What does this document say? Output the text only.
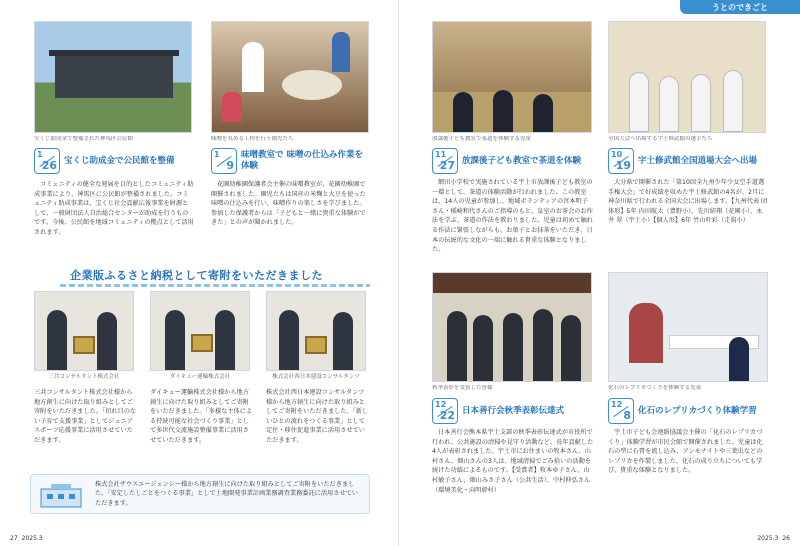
宝くじ助成金で整備された神馬区公民館	味噌を丸める工程を行う園児たち
1
26 宝くじ助成金で公民館を整備

コミュニティの健全な発展を目的としたコミュニティ助成事業により、神馬区に公民館が整備されました。コミュニティ助成事業は、宝くじ社会貢献広報事業を財源として、一般財団法人自治総合センターが助成を行うものです。今後、公民館を地域コミュニティの拠点として活用されます。

1
9
味噌教室で 味噌の仕込み作業を体験

花園幼稚園保護者会主催の味噌教室が、花園幼稚園で開催されました。園児たちは国産の米麹と大豆を使った味噌の仕込みを行い、味噌作りの楽しさを学びました。参加した保護者からは「子どもと一緒に貴重な体験ができた」との声が聞かれました。

企業版ふるさと納税として寄附をいただきました
三共コンサルタント株式会社	ダイキュー運輸株式会社	株式会社西日本建設コンサルタンツ
三共コンサルタント株式会社様から地方創生に向けた取り組みとしてご寄附をいただきました。「切れ目のない子育て支援事業」としてジュニアスポーツ応援事業に活用させていただきます。
ダイキュー運輸株式会社様から地方創生に向けた取り組みとしてご寄附をいただきました。「多様な主体による持続可能な社会づくり事業」として多世代交流施設整備事業に活用させていただきます。
株式会社西日本建設コンサルタンツ様から地方創生に向けた取り組みとしてご寄附をいただきました。「新しいひとの流れをつくる事業」として定住・移住促進事業に活用させていただきます。
株式会社サウスエージェンシー様から地方創生に向けた取り組みとしてご寄附をいただきました。「安定したしごとをつくる事業」として土地開発事業計画業務調査業務委託に活用させていただきます。
27 2025.3
うとのできごと
放課後子ども教室で茶道を体験する児童	全国大会へ出場する宇土修武館の選手たち
11
27 放課後子ども教室で茶道を体験

網田小学校で実施されている宇土市放課後子ども教室の一環として、茶道の体験活動が行われました。この教室は、14人の児童が参加し、地域ボランティアの宮本明子さん・稲崎和代さんのご指導のもと、皇室のお茶会のお作法を学ぶ、茶道の作法を教わりました。児童は初めて触れる作法に緊張しながらも、お菓子とお抹茶をいただき、日本の伝統的な文化の一端に触れる貴重な体験となりました。

10
19 宇土修武館全国道場大会へ出場

大分県で開催された「第10回全九州少年少女空手道選手権大会」で好成績を収めた宇土修武館の4名が、2月に神奈川県で行われる全国大会に出場します。【九州代表 団体形】5年 内田航太（豊野小）、先川結翔（花園小）、永井 翠（宇土小）【個人形】6年 竹山叶彩（走潟小）

秋季表彰を受賞した皆様	化石のレプリカづくりを体験する児童
12
22 日本善行会秋季表彰伝達式

日本善行会熊本県宇土支部の秋季表彰伝達式が市役所で行われ、公共施設の清掃や見守り活動など、長年貢献した4人が表彰されました。宇土市にお住まいの牧本さん、山村さん、畑山さんの3人は、地域清掃でごみ拾いの活動を続けた功績によるものです。【受賞者】牧本ゆ子さん、山村敏子さん、畑山みさ子さん（公共生活）、中村伸弘さん（環境美化・向明幹村）

12
8 化石のレプリカづくり体験学習

宇土市子ども会連絡協議会主催の「化石のレプリカづくり」体験学習が市民会館で開催されました。児童は化石の型に石膏を流し込み、アンモナイトや三葉虫などのレプリカを作製しました。化石の成り立ちについても学び、貴重な体験となりました。

2025.3 26
